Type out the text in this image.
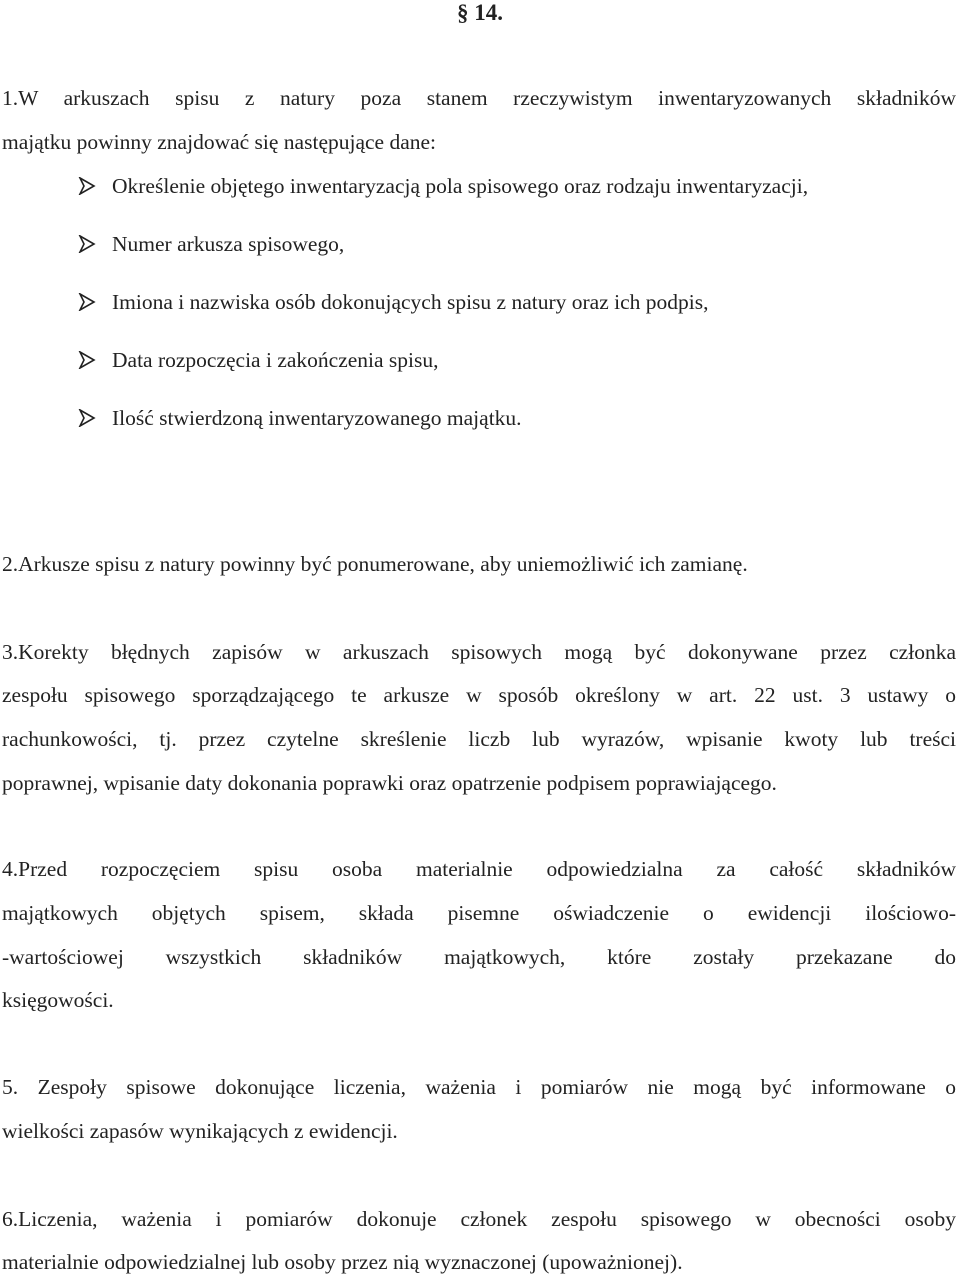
§ 14.
1.W arkuszach spisu z natury poza stanem rzeczywistym inwentaryzowanych składników
majątku powinny znajdować się następujące dane:
Określenie objętego inwentaryzacją pola spisowego oraz rodzaju inwentaryzacji,
Numer arkusza spisowego,
Imiona i nazwiska osób dokonujących spisu z natury oraz ich podpis,
Data rozpoczęcia i zakończenia spisu,
Ilość stwierdzoną inwentaryzowanego majątku.
2.Arkusze spisu z natury powinny być ponumerowane, aby uniemożliwić ich zamianę.
3.Korekty błędnych zapisów w arkuszach spisowych mogą być dokonywane przez członka
zespołu spisowego sporządzającego te arkusze w sposób określony w art. 22 ust. 3 ustawy o
rachunkowości, tj. przez czytelne skreślenie liczb lub wyrazów, wpisanie kwoty lub treści
poprawnej, wpisanie daty dokonania poprawki oraz opatrzenie podpisem poprawiającego.
4.Przed rozpoczęciem spisu osoba materialnie odpowiedzialna za całość składników
majątkowych objętych spisem, składa pisemne oświadczenie o ewidencji ilościowo-
-wartościowej wszystkich składników majątkowych, które zostały przekazane do
księgowości.
5. Zespoły spisowe dokonujące liczenia, ważenia i pomiarów nie mogą być informowane o
wielkości zapasów wynikających z ewidencji.
6.Liczenia, ważenia i pomiarów dokonuje członek zespołu spisowego w obecności osoby
materialnie odpowiedzialnej lub osoby przez nią wyznaczonej (upoważnionej).
